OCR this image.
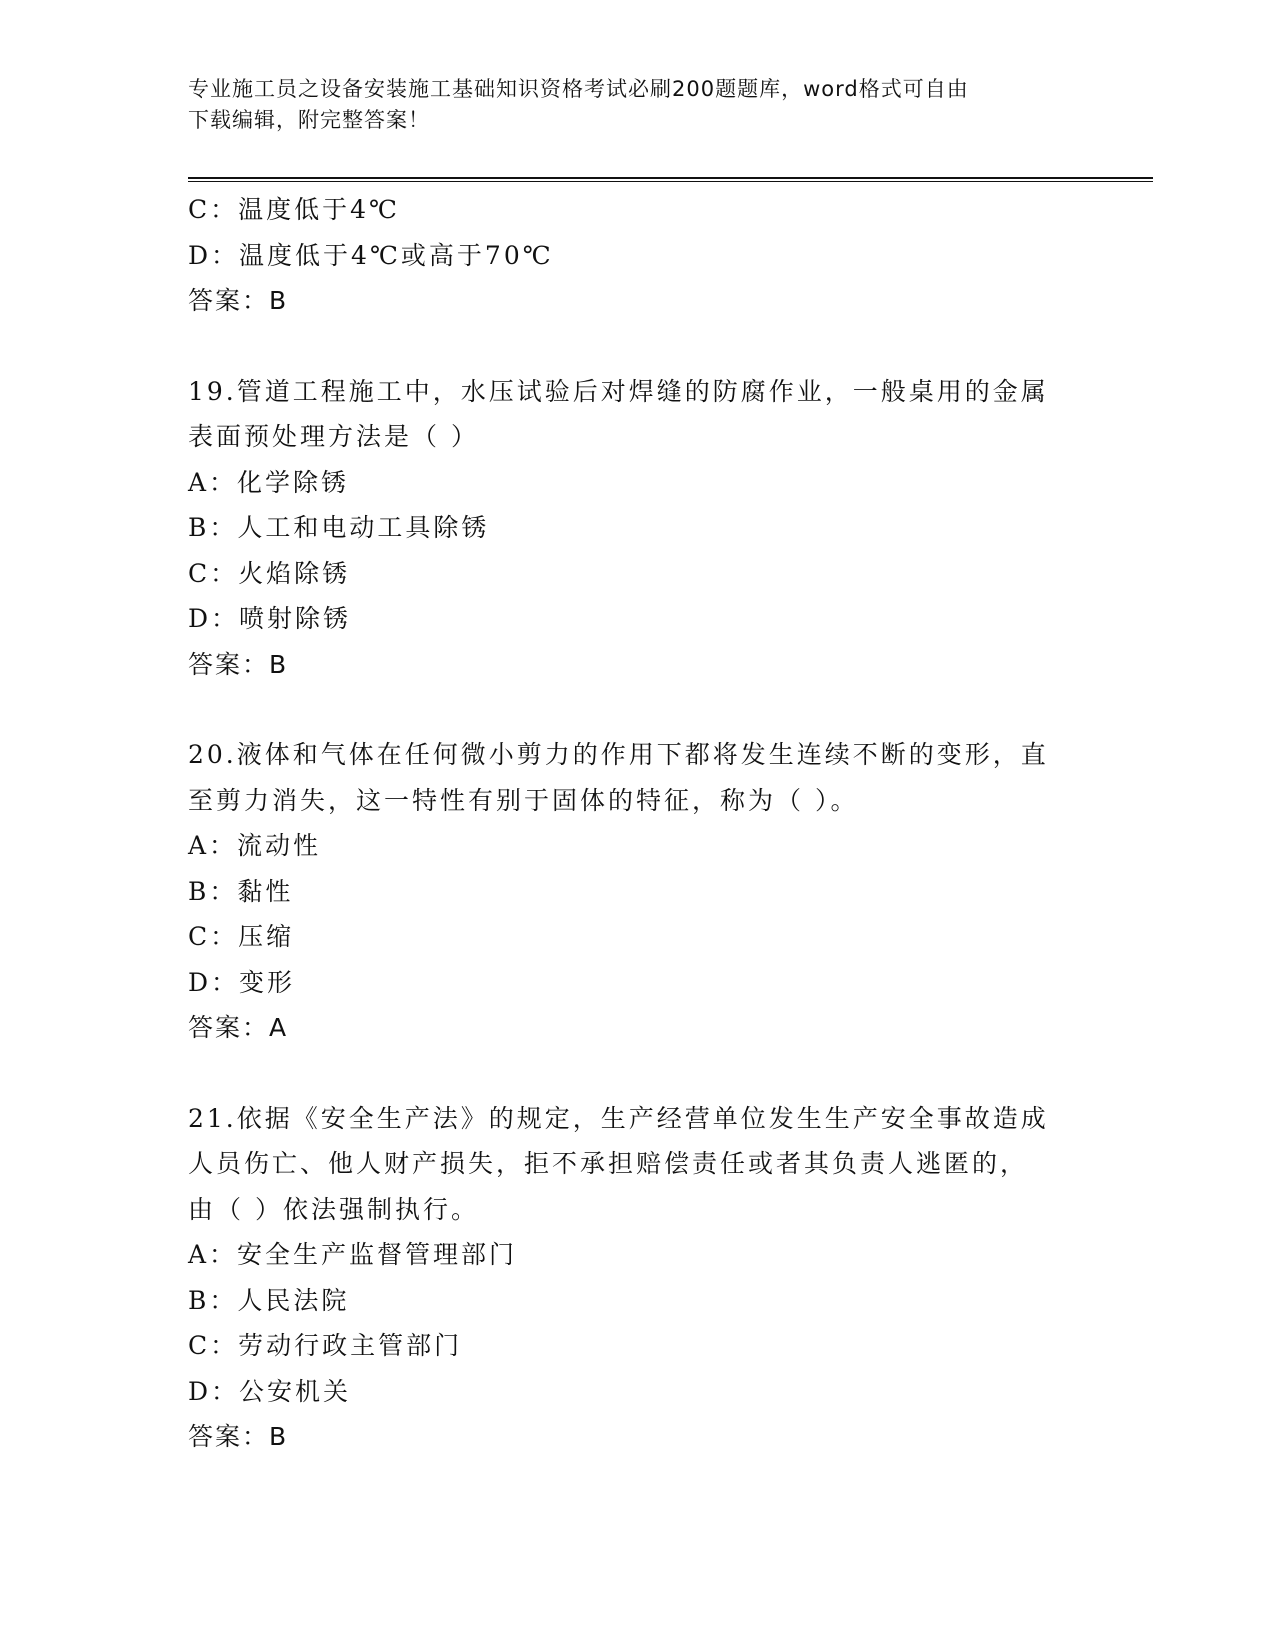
专业施工员之设备安装施工基础知识资格考试必刷200题题库，word格式可自由
下载编辑，附完整答案！
C：温度低于4℃
D：温度低于4℃或高于70℃
答案：B
19.管道工程施工中，水压试验后对焊缝的防腐作业，一般桌用的金属
表面预处理方法是（ ）
A：化学除锈
B：人工和电动工具除锈
C：火焰除锈
D：喷射除锈
答案：B
20.液体和气体在任何微小剪力的作用下都将发生连续不断的变形，直
至剪力消失，这一特性有别于固体的特征，称为（ ）。
A：流动性
B：黏性
C：压缩
D：变形
答案：A
21.依据《安全生产法》的规定，生产经营单位发生生产安全事故造成
人员伤亡、他人财产损失，拒不承担赔偿责任或者其负责人逃匿的，
由（ ）依法强制执行。
A：安全生产监督管理部门
B：人民法院
C：劳动行政主管部门
D：公安机关
答案：B
